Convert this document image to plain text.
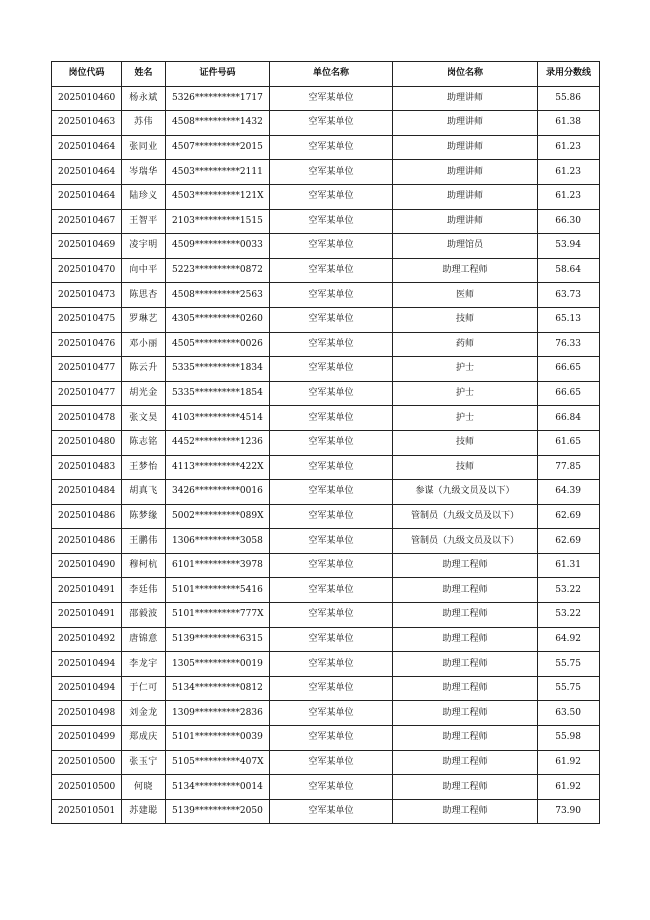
岗位代码	姓名	证件号码	单位名称	岗位名称	录用分数线
2025010460	杨永斌	5326**********1717	空军某单位	助理讲师	55.86
2025010463	苏伟	4508**********1432	空军某单位	助理讲师	61.38
2025010464	张同业	4507**********2015	空军某单位	助理讲师	61.23
2025010464	岑瑞华	4503**********2111	空军某单位	助理讲师	61.23
2025010464	陆珍义	4503**********121X	空军某单位	助理讲师	61.23
2025010467	王智平	2103**********1515	空军某单位	助理讲师	66.30
2025010469	凌宇明	4509**********0033	空军某单位	助理馆员	53.94
2025010470	向中平	5223**********0872	空军某单位	助理工程师	58.64
2025010473	陈思杏	4508**********2563	空军某单位	医师	63.73
2025010475	罗琳艺	4305**********0260	空军某单位	技师	65.13
2025010476	邓小丽	4505**********0026	空军某单位	药师	76.33
2025010477	陈云升	5335**********1834	空军某单位	护士	66.65
2025010477	胡光金	5335**********1854	空军某单位	护士	66.65
2025010478	张文昊	4103**********4514	空军某单位	护士	66.84
2025010480	陈志铭	4452**********1236	空军某单位	技师	61.65
2025010483	王梦怡	4113**********422X	空军某单位	技师	77.85
2025010484	胡真飞	3426**********0016	空军某单位	参谋（九级文员及以下）	64.39
2025010486	陈梦缘	5002**********089X	空军某单位	管制员（九级文员及以下）	62.69
2025010486	王鹏伟	1306**********3058	空军某单位	管制员（九级文员及以下）	62.69
2025010490	穆柯杭	6101**********3978	空军某单位	助理工程师	61.31
2025010491	李廷伟	5101**********5416	空军某单位	助理工程师	53.22
2025010491	邵毅波	5101**********777X	空军某单位	助理工程师	53.22
2025010492	唐锦意	5139**********6315	空军某单位	助理工程师	64.92
2025010494	李龙宇	1305**********0019	空军某单位	助理工程师	55.75
2025010494	于仁可	5134**********0812	空军某单位	助理工程师	55.75
2025010498	刘金龙	1309**********2836	空军某单位	助理工程师	63.50
2025010499	郑成庆	5101**********0039	空军某单位	助理工程师	55.98
2025010500	张玉宁	5105**********407X	空军某单位	助理工程师	61.92
2025010500	何晓	5134**********0014	空军某单位	助理工程师	61.92
2025010501	苏建聪	5139**********2050	空军某单位	助理工程师	73.90
